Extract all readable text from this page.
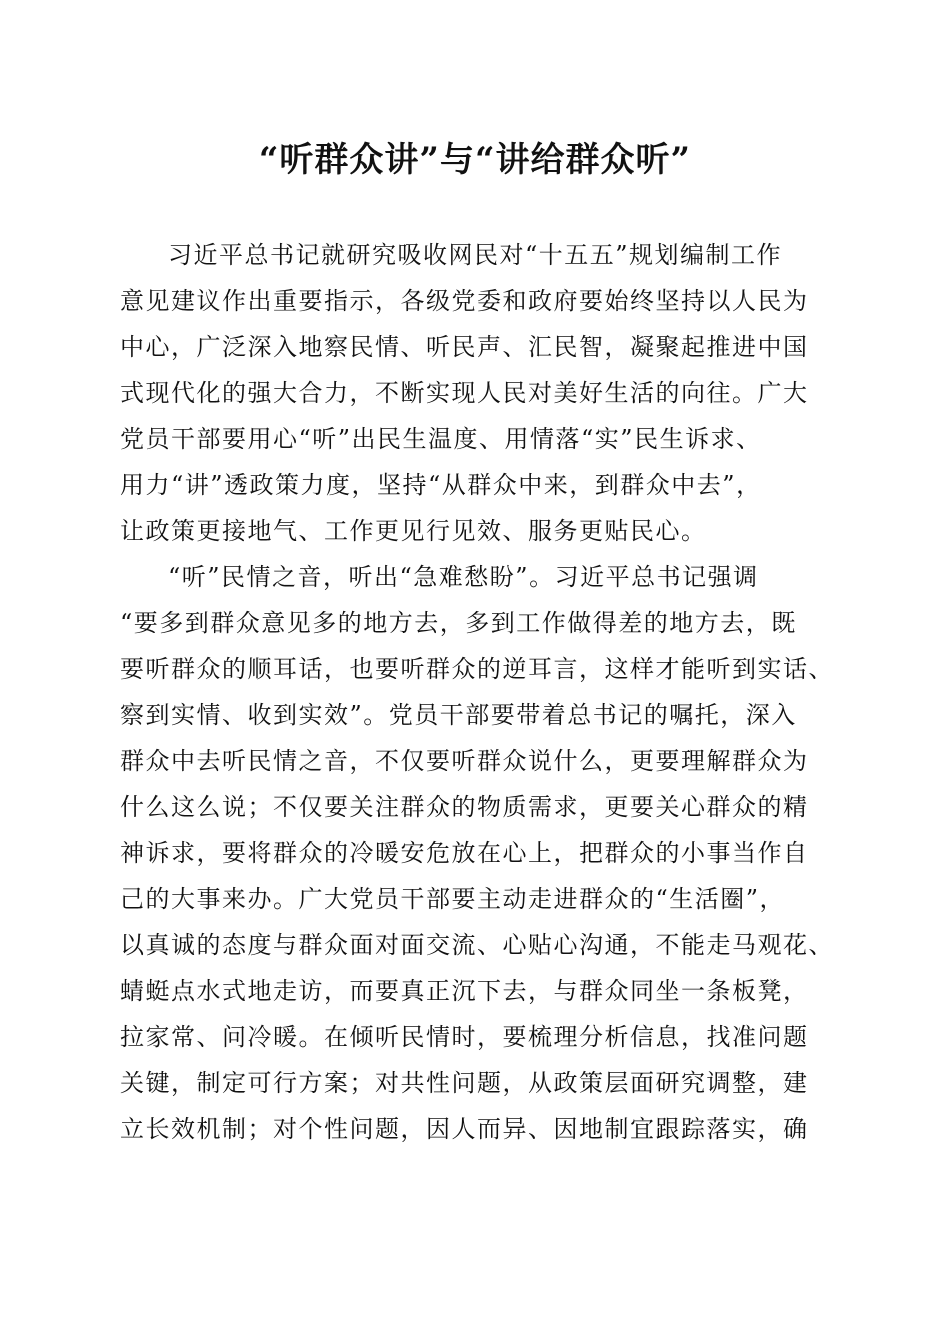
“听群众讲”与“讲给群众听”
习近平总书记就研究吸收网民对“十五五”规划编制工作
意见建议作出重要指示，各级党委和政府要始终坚持以人民为
中心，广泛深入地察民情、听民声、汇民智，凝聚起推进中国
式现代化的强大合力，不断实现人民对美好生活的向往。广大
党员干部要用心“听”出民生温度、用情落“实”民生诉求、
用力“讲”透政策力度，坚持“从群众中来，到群众中去”，
让政策更接地气、工作更见行见效、服务更贴民心。
“听”民情之音，听出“急难愁盼”。习近平总书记强调
“要多到群众意见多的地方去，多到工作做得差的地方去，既
要听群众的顺耳话，也要听群众的逆耳言，这样才能听到实话、
察到实情、收到实效”。党员干部要带着总书记的嘱托，深入
群众中去听民情之音，不仅要听群众说什么，更要理解群众为
什么这么说；不仅要关注群众的物质需求，更要关心群众的精
神诉求，要将群众的冷暖安危放在心上，把群众的小事当作自
己的大事来办。广大党员干部要主动走进群众的“生活圈”，
以真诚的态度与群众面对面交流、心贴心沟通，不能走马观花、
蜻蜓点水式地走访，而要真正沉下去，与群众同坐一条板凳，
拉家常、问冷暖。在倾听民情时，要梳理分析信息，找准问题
关键，制定可行方案；对共性问题，从政策层面研究调整，建
立长效机制；对个性问题，因人而异、因地制宜跟踪落实，确
